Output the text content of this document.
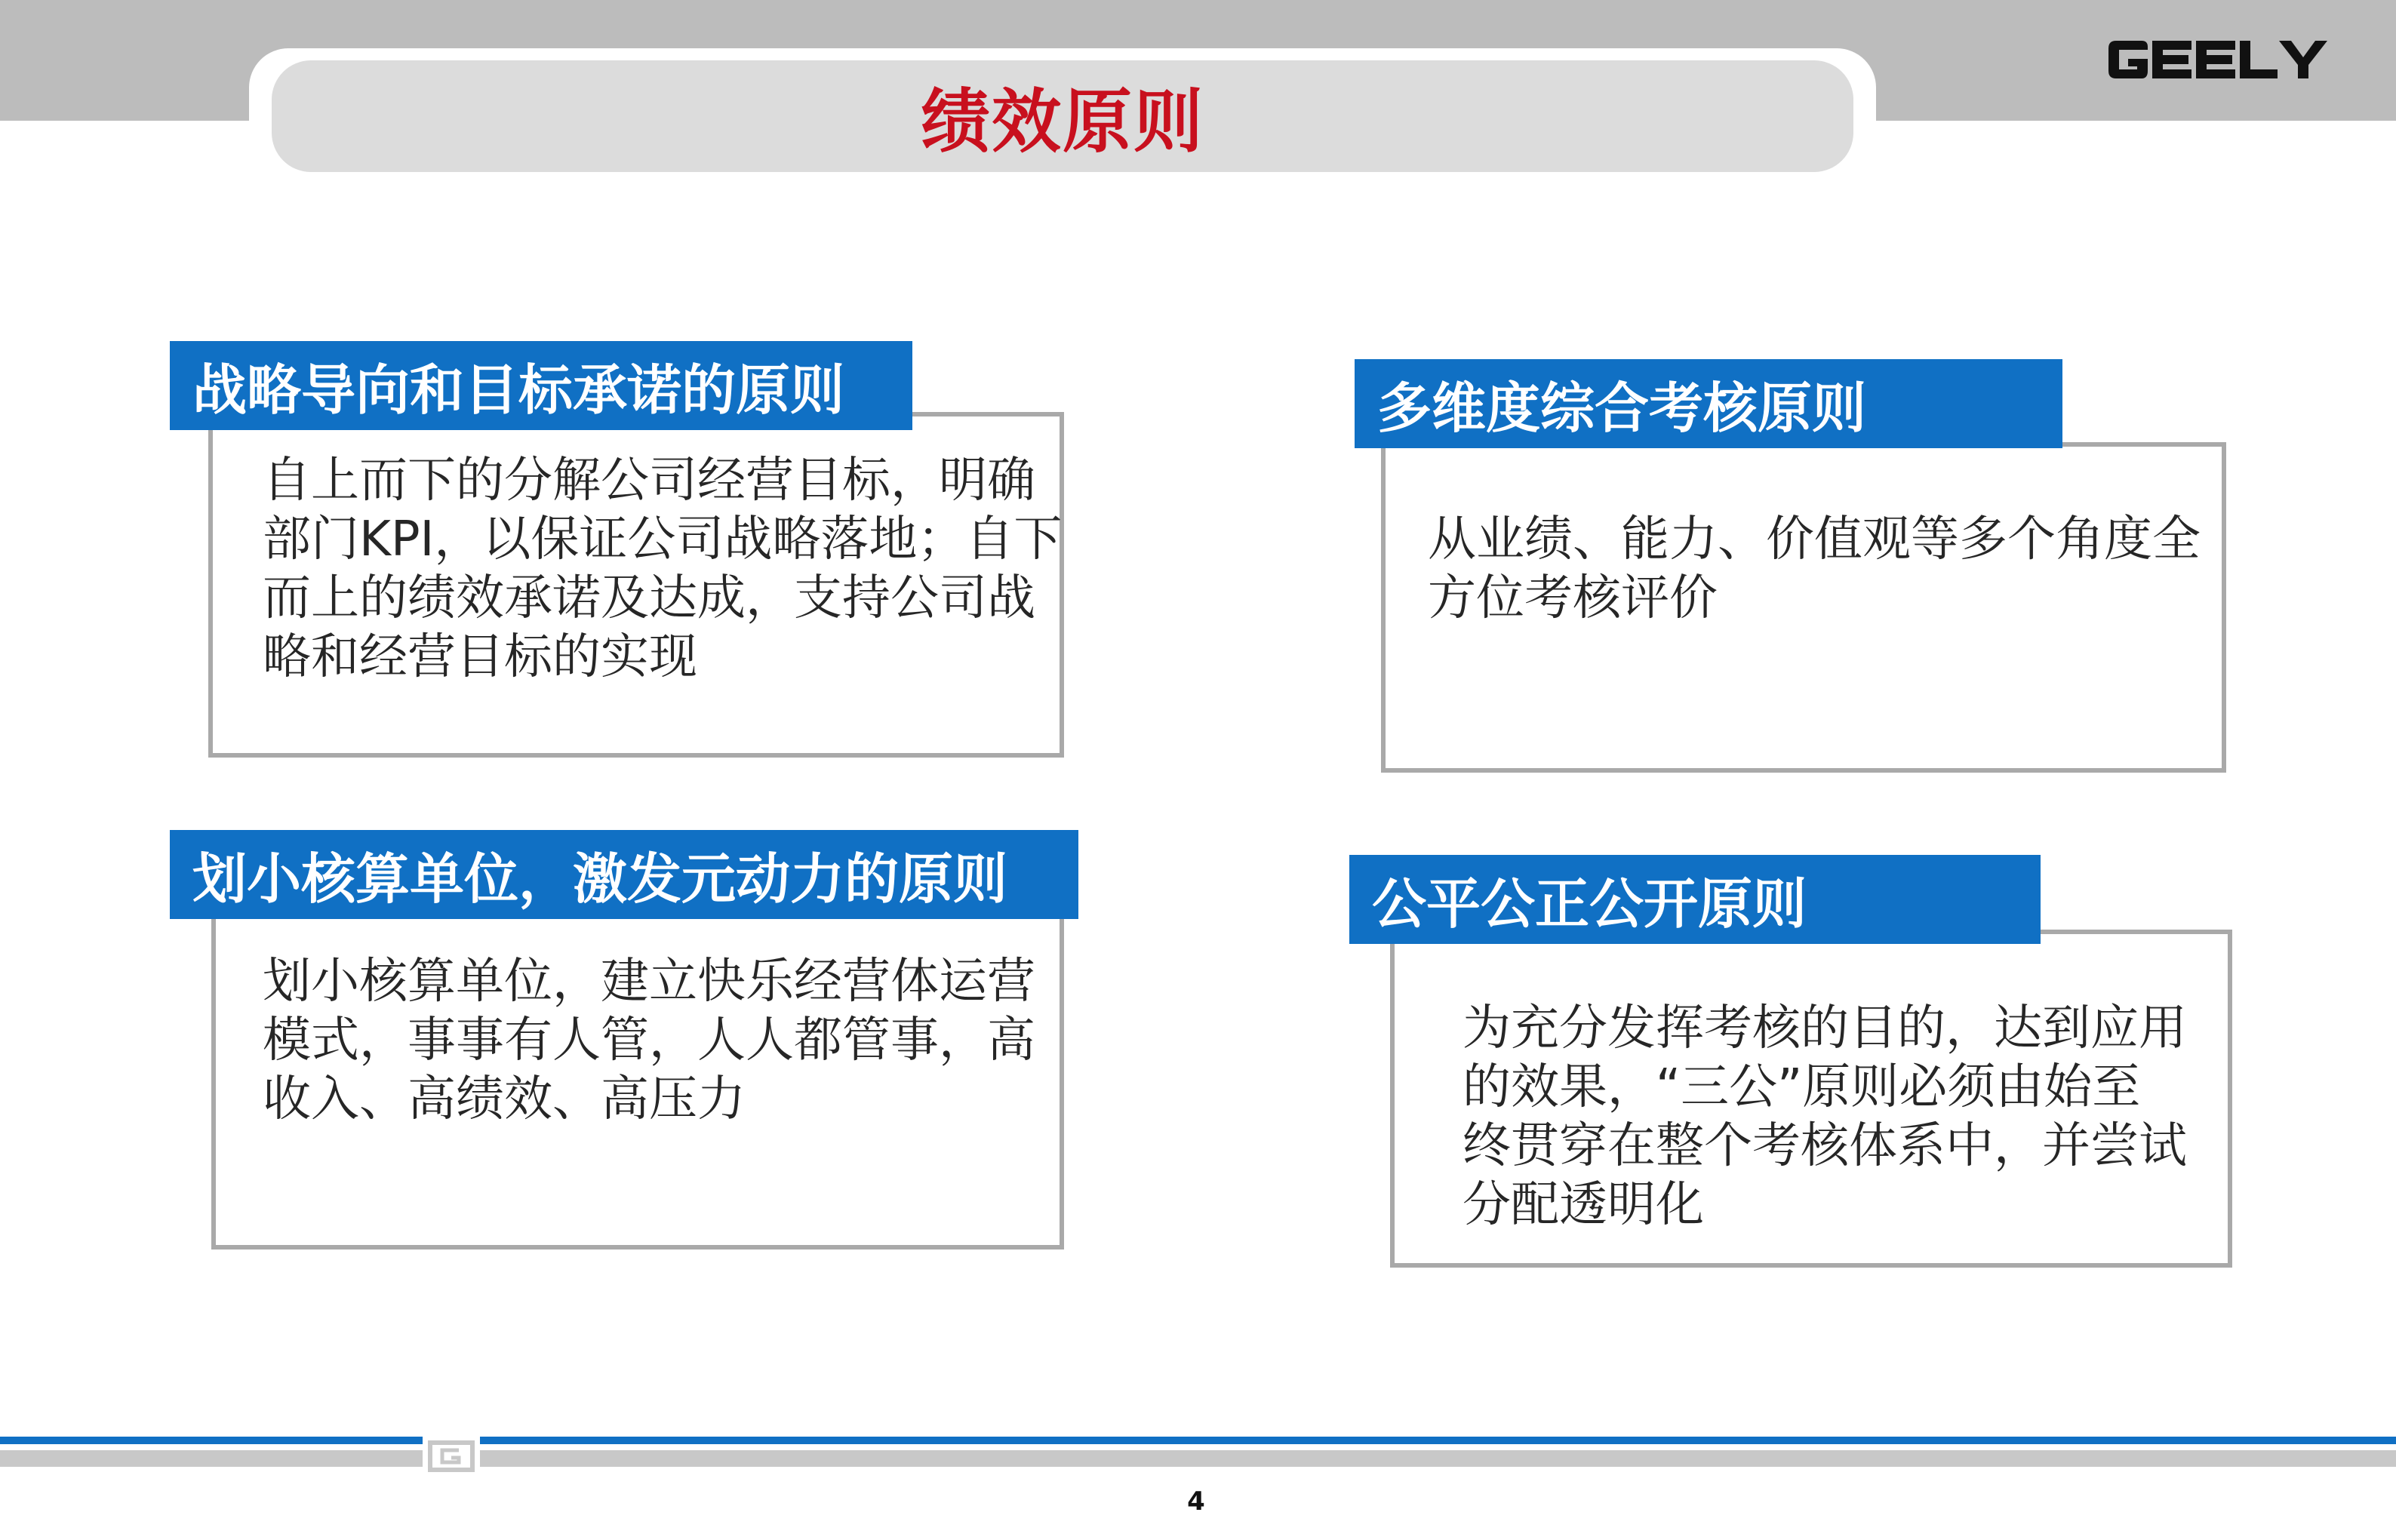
绩效原则
战略导向和目标承诺的原则
自上而下的分解公司经营目标，明确
部门KPI，以保证公司战略落地；自下
而上的绩效承诺及达成，支持公司战
略和经营目标的实现
多维度综合考核原则
从业绩、能力、价值观等多个角度全
方位考核评价
划小核算单位，激发元动力的原则
划小核算单位，建立快乐经营体运营
模式，事事有人管，人人都管事，高
收入、高绩效、高压力
公平公正公开原则
为充分发挥考核的目的，达到应用
的效果，“三公”原则必须由始至
终贯穿在整个考核体系中，并尝试
分配透明化
4
